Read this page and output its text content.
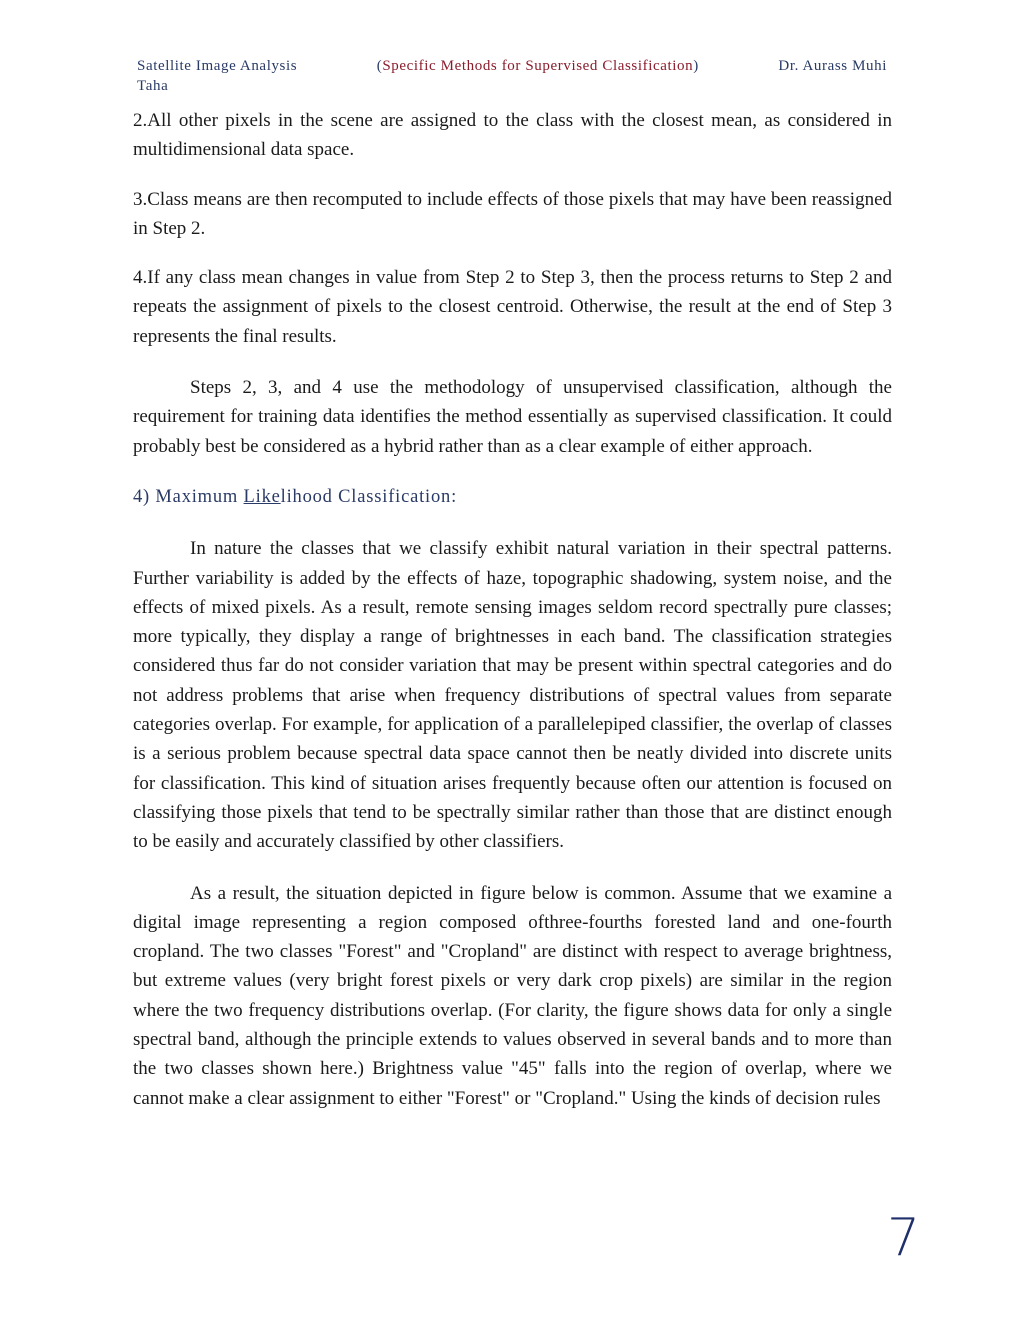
Satellite Image Analysis	(Specific Methods for Supervised Classification)	Dr. Aurass Muhi
Taha

2.All other pixels in the scene are assigned to the class with the closest mean, as considered in multidimensional data space.

3.Class means are then recomputed to include effects of those pixels that may have been reassigned in Step 2.

4.If any class mean changes in value from Step 2 to Step 3, then the process returns to Step 2 and repeats the assignment of pixels to the closest centroid. Otherwise, the result at the end of Step 3 represents the final results.

Steps 2, 3, and 4 use the methodology of unsupervised classification, although the requirement for training data identifies the method essentially as supervised classification. It could probably best be considered as a hybrid rather than as a clear example of either approach.

4) Maximum Likelihood Classification:

In nature the classes that we classify exhibit natural variation in their spectral patterns. Further variability is added by the effects of haze, topographic shadowing, system noise, and the effects of mixed pixels. As a result, remote sensing images seldom record spectrally pure classes; more typically, they display a range of brightnesses in each band. The classification strategies considered thus far do not consider variation that may be present within spectral categories and do not address problems that arise when frequency distributions of spectral values from separate categories overlap. For example, for application of a parallelepiped classifier, the overlap of classes is a serious problem because spectral data space cannot then be neatly divided into discrete units for classification. This kind of situation arises frequently because often our attention is focused on classifying those pixels that tend to be spectrally similar rather than those that are distinct enough to be easily and accurately classified by other classifiers.

As a result, the situation depicted in figure below is common. Assume that we examine a digital image representing a region composed ofthree-fourths forested land and one-fourth cropland. The two classes "Forest" and "Cropland" are distinct with respect to average brightness, but extreme values (very bright forest pixels or very dark crop pixels) are similar in the region where the two frequency distributions overlap. (For clarity, the figure shows data for only a single spectral band, although the principle extends to values observed in several bands and to more than the two classes shown here.) Brightness value "45" falls into the region of overlap, where we cannot make a clear assignment to either "Forest" or "Cropland." Using the kinds of decision rules

7
